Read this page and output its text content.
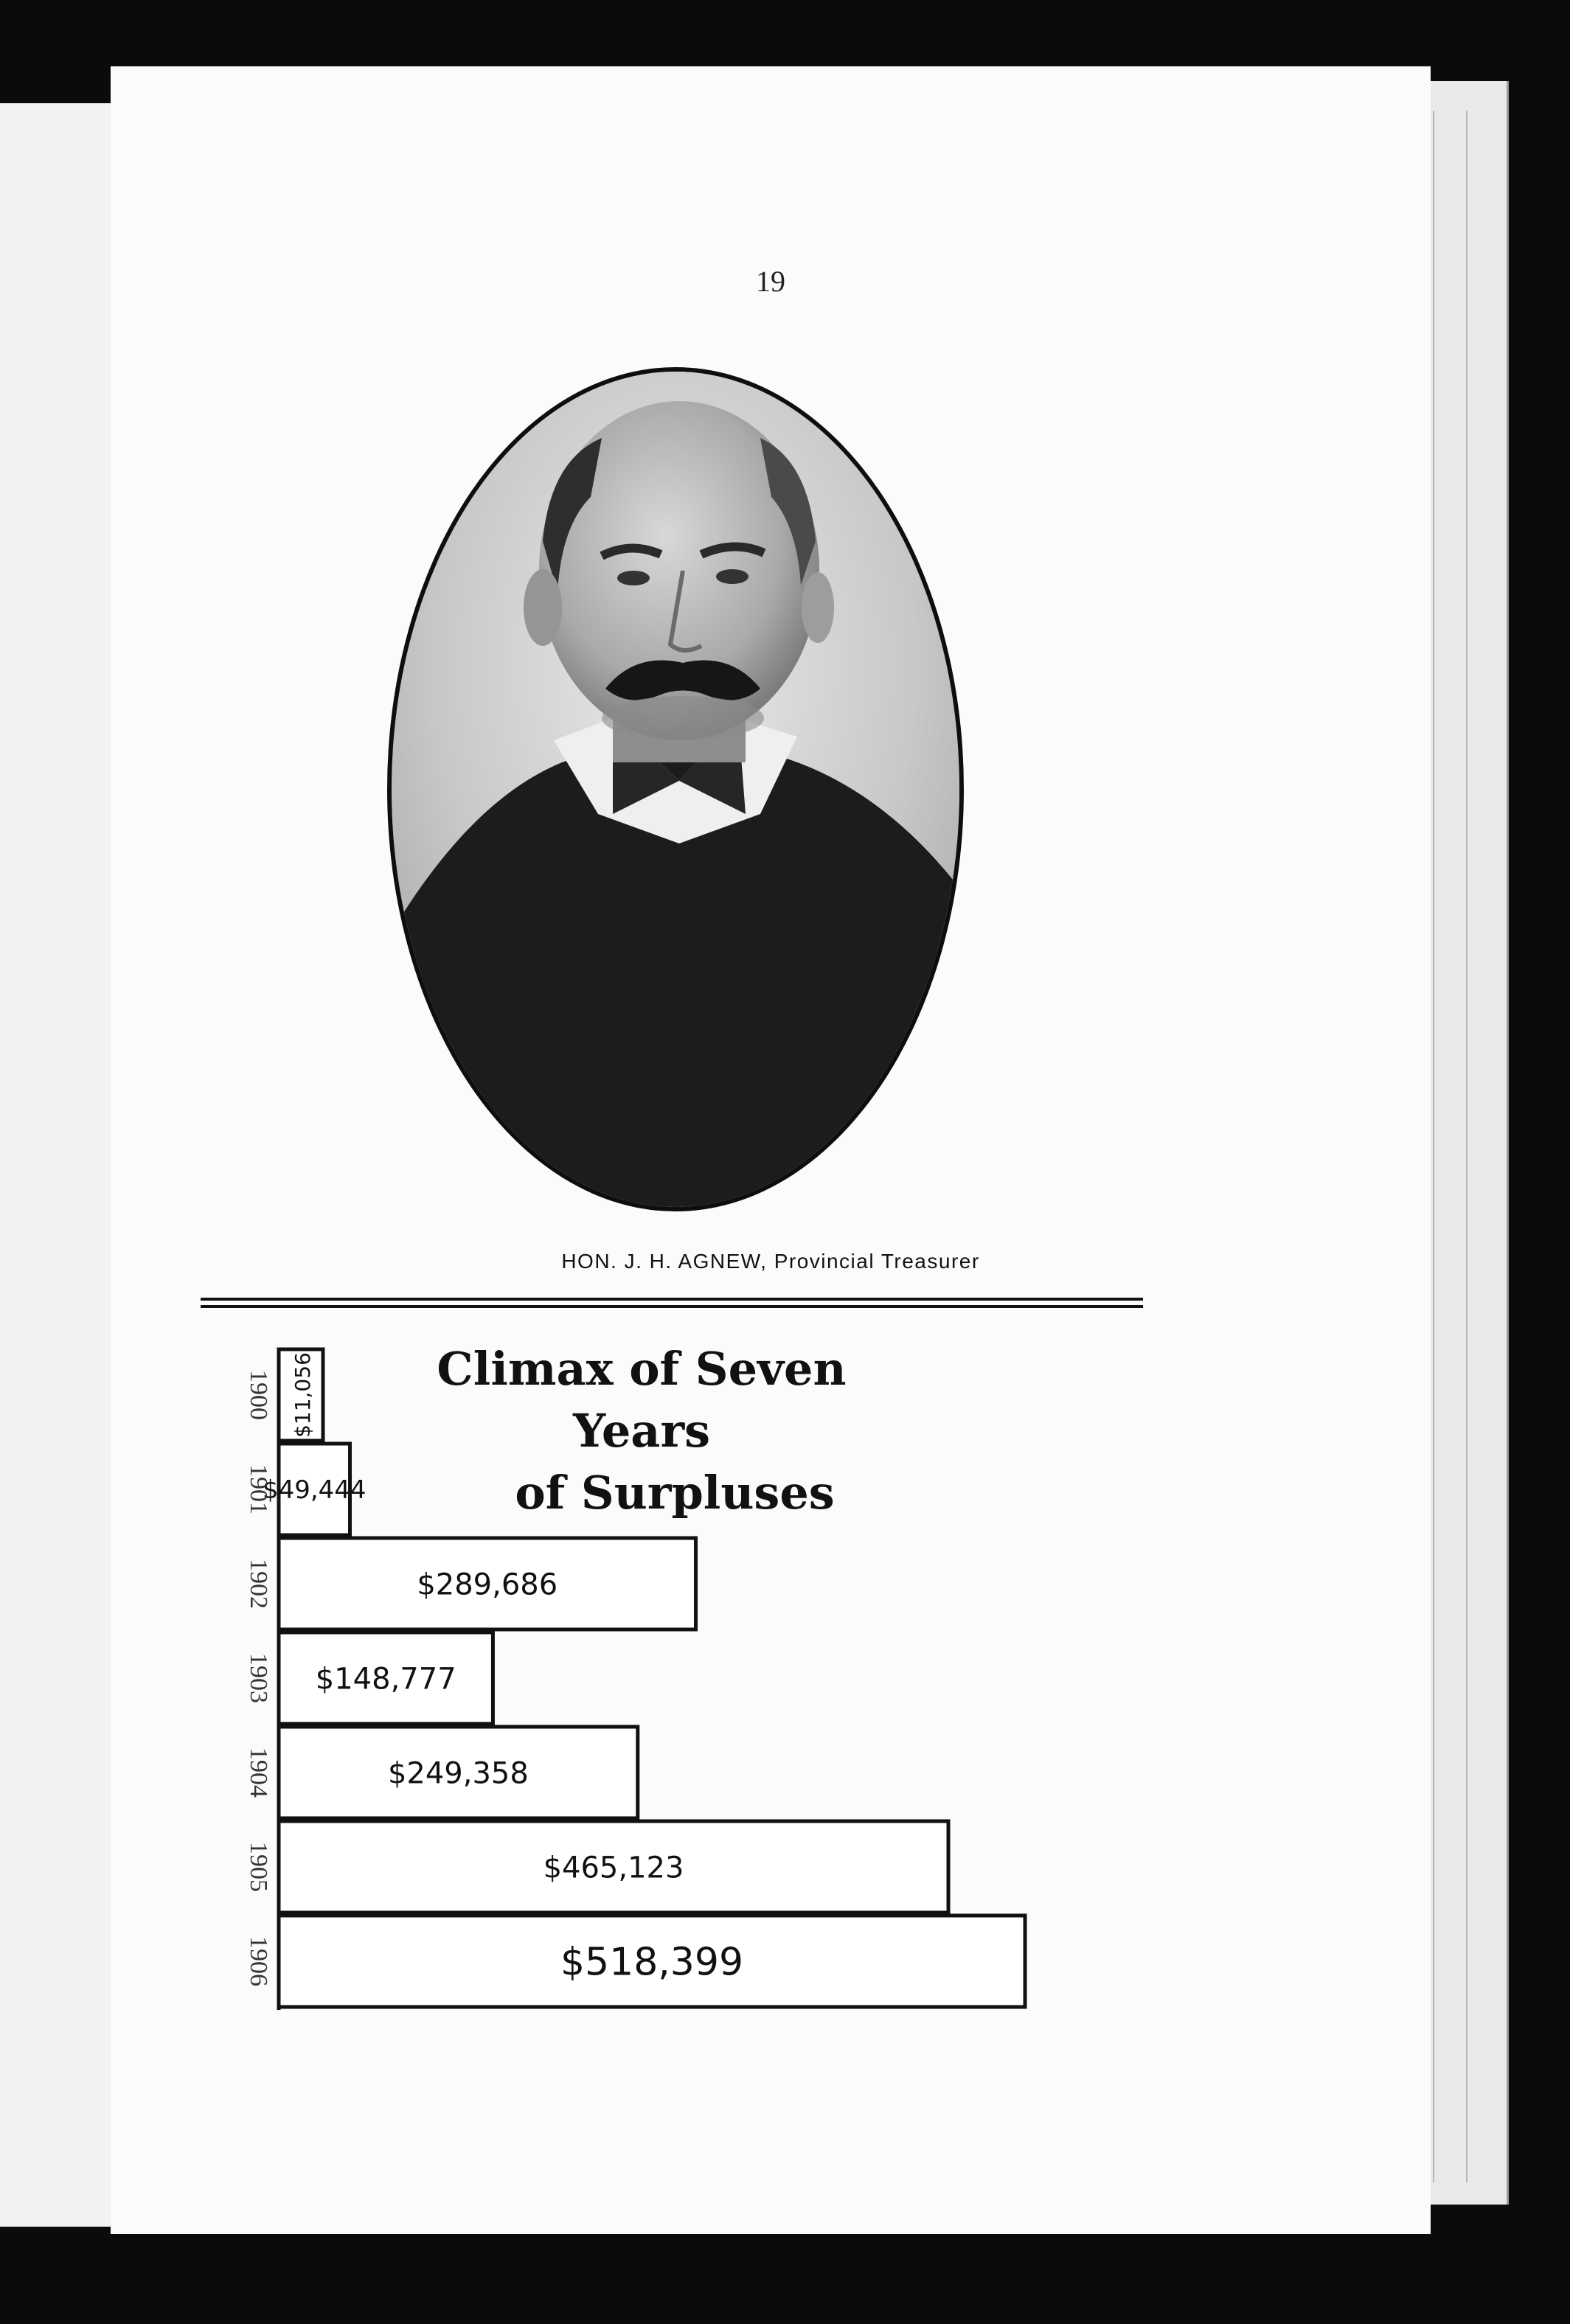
19
HON. J. H. AGNEW, Provincial Treasurer
Climax of Seven Years
of Surpluses
$11,056
1900
$49,444
1901
$289,686
1902
$148,777
1903
$249,358
1904
$465,123
1905
$518,399
1906
